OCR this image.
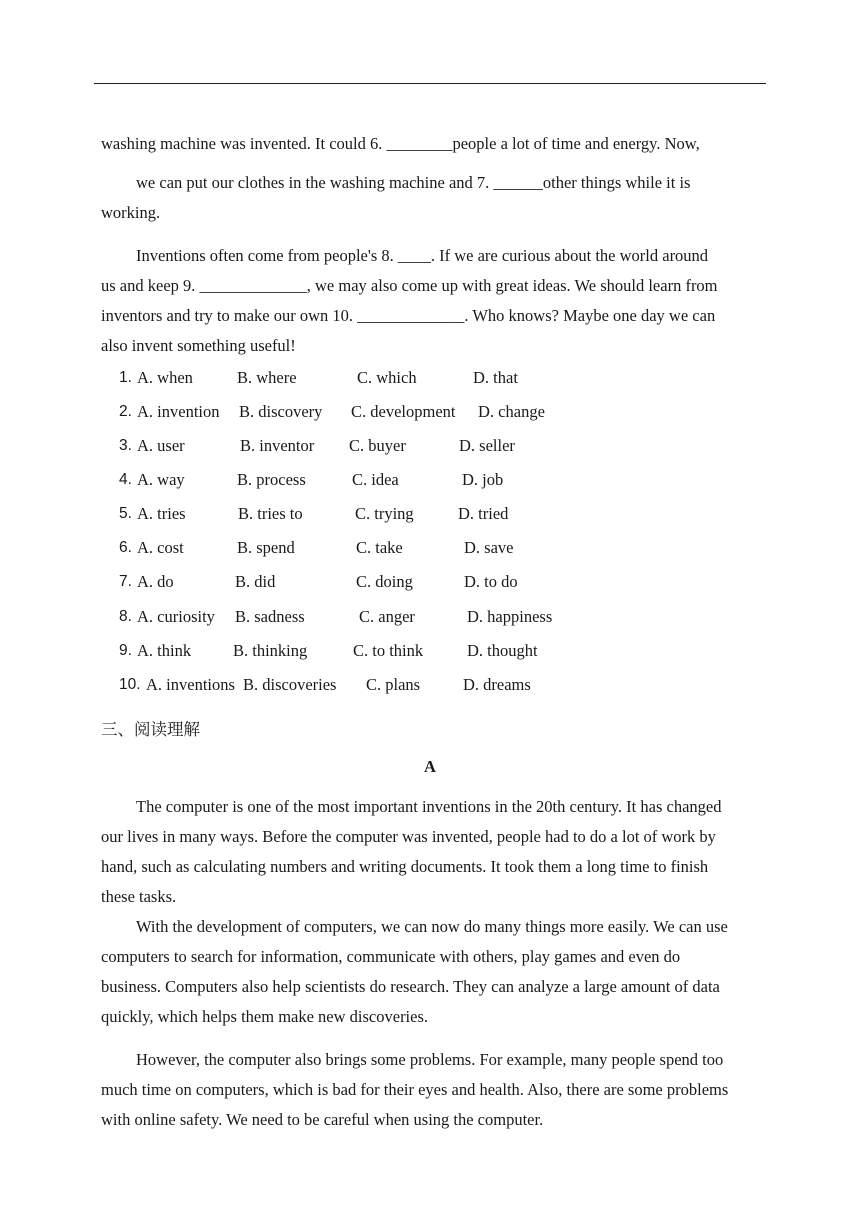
washing machine was invented. It could 6. ________people a lot of time and energy. Now,
we can put our clothes in the washing machine and 7. ______other things while it is
working.
Inventions often come from people's 8. ____. If we are curious about the world around
us and keep 9. _____________, we may also come up with great ideas. We should learn from
inventors and try to make our own 10. _____________. Who knows? Maybe one day we can
also invent something useful!
1. A. when	B. where	C. which	D. that
2. A. invention B. discovery C. development D. change
3. A. user	B. inventor C. buyer	D. seller
4. A. way	B. process	C. idea	D. job
5. A. tries	B. tries to	C. trying	D. tried
6. A. cost	B. spend	C. take	D. save
7. A. do	B. did	C. doing	D. to do
8. A. curiosity B. sadness	C. anger	D. happiness
9. A. think	B. thinking	C. to think	D. thought
10. A. inventions B. discoveries C. plans	D. dreams
三、阅读理解
A
The computer is one of the most important inventions in the 20th century. It has changed
our lives in many ways. Before the computer was invented, people had to do a lot of work by
hand, such as calculating numbers and writing documents. It took them a long time to finish
these tasks.
With the development of computers, we can now do many things more easily. We can use
computers to search for information, communicate with others, play games and even do
business. Computers also help scientists do research. They can analyze a large amount of data
quickly, which helps them make new discoveries.
However, the computer also brings some problems. For example, many people spend too
much time on computers, which is bad for their eyes and health. Also, there are some problems
with online safety. We need to be careful when using the computer.
